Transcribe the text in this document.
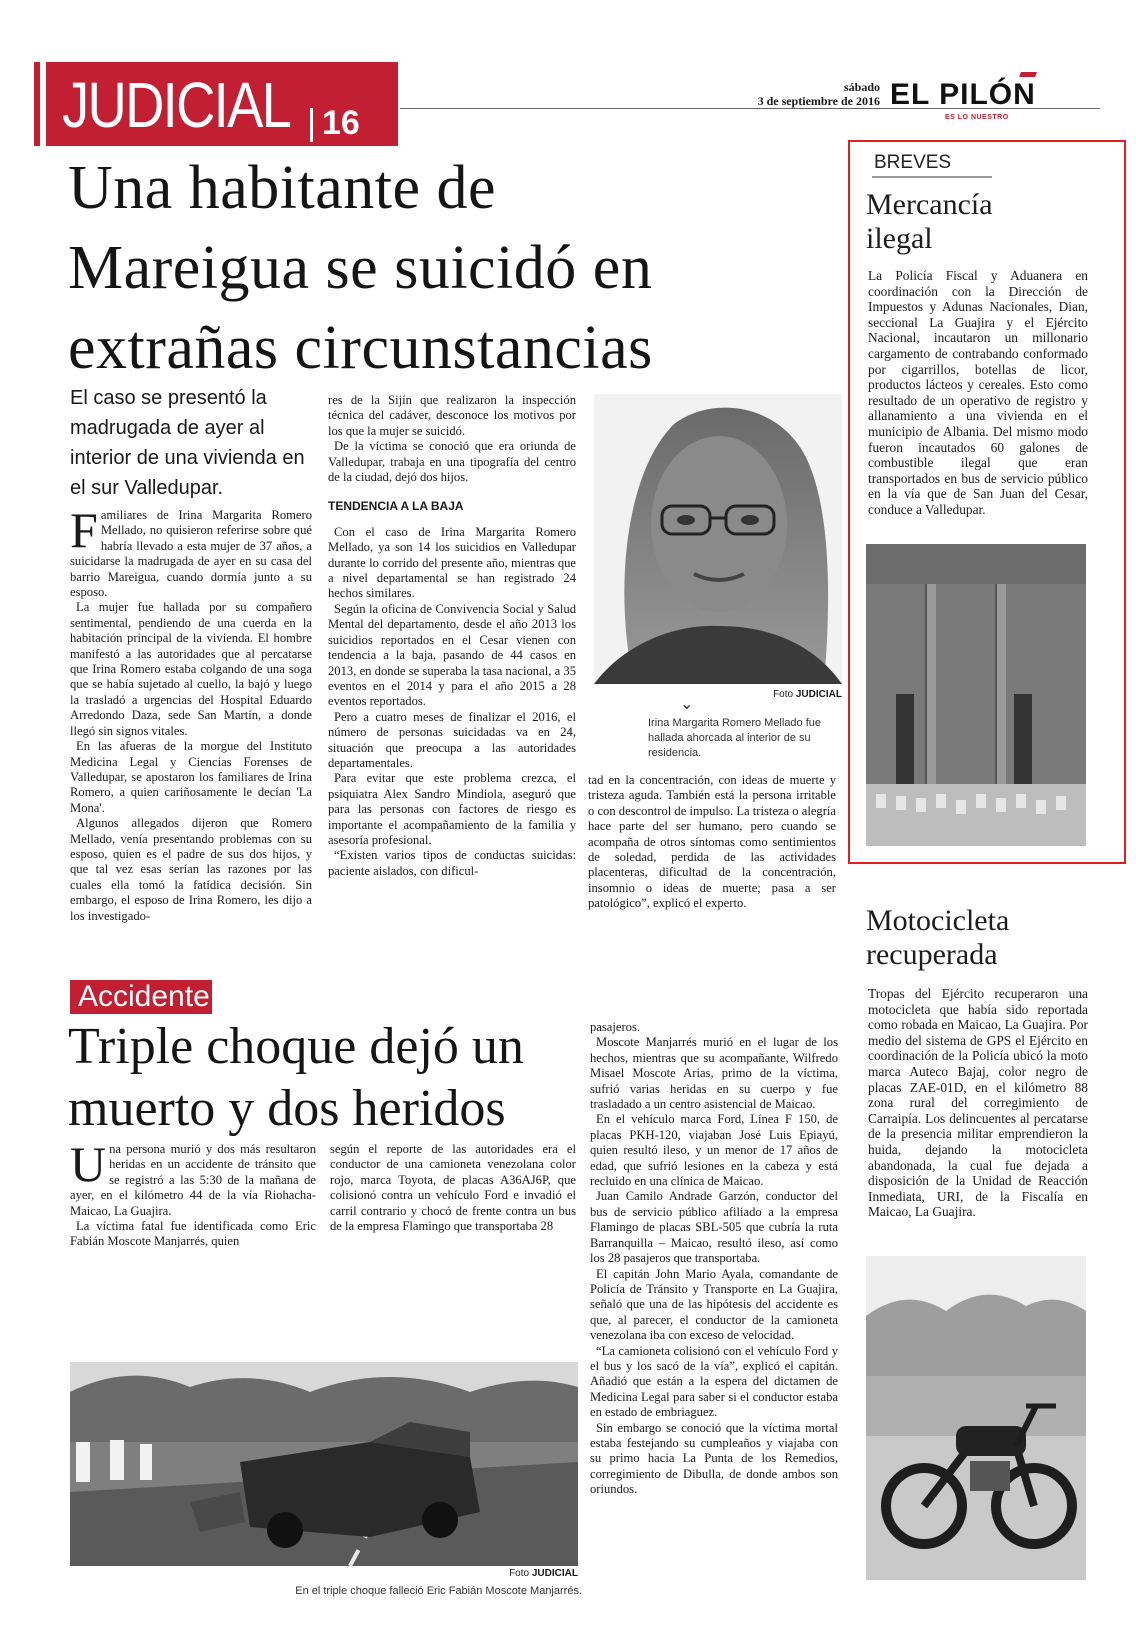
JUDICIAL 16
sábado
3 de septiembre de 2016 EL PILÓN
ES LO NUESTRO
Una habitante de
Mareigua se suicidó en
extrañas circunstancias
El caso se presentó la madrugada de ayer al interior de una vivienda en el sur Valledupar.

Familiares de Irina Margarita Romero Mellado, no quisieron referirse sobre qué habría llevado a esta mujer de 37 años, a suicidarse la madrugada de ayer en su casa del barrio Mareigua, cuando dormía junto a su esposo.

La mujer fue hallada por su compañero sentimental, pendiendo de una cuerda en la habitación principal de la vivienda. El hombre manifestó a las autoridades que al percatarse que Irina Romero estaba colgando de una soga que se había sujetado al cuello, la bajó y luego la trasladó a urgencias del Hospital Eduardo Arredondo Daza, sede San Martín, a donde llegó sin signos vitales.

En las afueras de la morgue del Instituto Medicina Legal y Ciencias Forenses de Valledupar, se apostaron los familiares de Irina Romero, a quien cariñosamente le decían 'La Mona'.

Algunos allegados dijeron que Romero Mellado, venía presentando problemas con su esposo, quien es el padre de sus dos hijos, y que tal vez esas serían las razones por las cuales ella tomó la fatídica decisión. Sin embargo, el esposo de Irina Romero, les dijo a los investigado-

res de la Sijín que realizaron la inspección técnica del cadáver, desconoce los motivos por los que la mujer se suicidó.

De la víctima se conoció que era oriunda de Valledupar, trabaja en una tipografía del centro de la ciudad, dejó dos hijos.

TENDENCIA A LA BAJA

Con el caso de Irina Margarita Romero Mellado, ya son 14 los suicidios en Valledupar durante lo corrido del presente año, mientras que a nivel departamental se han registrado 24 hechos similares.

Según la oficina de Convivencia Social y Salud Mental del departamento, desde el año 2013 los suicidios reportados en el Cesar vienen con tendencia a la baja, pasando de 44 casos en 2013, en donde se superaba la tasa nacional, a 35 eventos en el 2014 y para el año 2015 a 28 eventos reportados.

Pero a cuatro meses de finalizar el 2016, el número de personas suicidadas va en 24, situación que preocupa a las autoridades departamentales.

Para evitar que este problema crezca, el psiquiatra Alex Sandro Mindiola, aseguró que para las personas con factores de riesgo es importante el acompañamiento de la familia y asesoría profesional.

“Existen varios tipos de conductas suicidas: paciente aislados, con dificul-

Foto JUDICIAL
⌄
Irina Margarita Romero Mellado fue hallada ahorcada al interior de su residencia.

tad en la concentración, con ideas de muerte y tristeza aguda. También está la persona irritable o con descontrol de impulso. La tristeza o alegría hace parte del ser humano, pero cuando se acompaña de otros síntomas como sentimientos de soledad, perdida de las actividades placenteras, dificultad de la concentración, insomnio o ideas de muerte; pasa a ser patológico”, explicó el experto.

BREVES
Mercancía
ilegal
La Policía Fiscal y Aduanera en coordinación con la Dirección de Impuestos y Adunas Nacionales, Dian, seccional La Guajira y el Ejército Nacional, incautaron un millonario cargamento de contrabando conformado por cigarrillos, botellas de licor, productos lácteos y cereales. Esto como resultado de un operativo de registro y allanamiento a una vivienda en el municipio de Albania. Del mismo modo fueron incautados 60 galones de combustible ilegal que eran transportados en bus de servicio público en la vía que de San Juan del Cesar, conduce a Valledupar.
Motocicleta
recuperada
Tropas del Ejército recuperaron una motocicleta que había sido reportada como robada en Maicao, La Guajira. Por medio del sistema de GPS el Ejército en coordinación de la Policía ubicó la moto marca Auteco Bajaj, color negro de placas ZAE-01D, en el kilómetro 88 zona rural del corregimiento de Carraipía. Los delincuentes al percatarse de la presencia militar emprendieron la huida, dejando la motocicleta abandonada, la cual fue dejada a disposición de la Unidad de Reacción Inmediata, URI, de la Fiscalía en Maicao, La Guajira.
Accidente
Triple choque dejó un
muerto y dos heridos

Una persona murió y dos más resultaron heridas en un accidente de tránsito que se registró a las 5:30 de la mañana de ayer, en el kilómetro 44 de la vía Riohacha- Maicao, La Guajira.

La víctima fatal fue identificada como Eric Fabián Moscote Manjarrés, quien

según el reporte de las autoridades era el conductor de una camioneta venezolana color rojo, marca Toyota, de placas A36AJ6P, que colisionó contra un vehículo Ford e invadió el carril contrario y chocó de frente contra un bus de la empresa Flamingo que transportaba 28

Foto JUDICIAL
En el triple choque falleció Eric Fabián Moscote Manjarrés.

pasajeros.

Moscote Manjarrés murió en el lugar de los hechos, mientras que su acompañante, Wilfredo Misael Moscote Arias, primo de la víctima, sufrió varias heridas en su cuerpo y fue trasladado a un centro asistencial de Maicao.

En el vehículo marca Ford, Línea F 150, de placas PKH-120, viajaban José Luis Epiayú, quien resultó ileso, y un menor de 17 años de edad, que sufrió lesiones en la cabeza y está recluido en una clínica de Maicao.

Juan Camilo Andrade Garzón, conductor del bus de servicio público afiliado a la empresa Flamingo de placas SBL-505 que cubría la ruta Barranquilla – Maicao, resultó ileso, así como los 28 pasajeros que transportaba.

El capitán John Mario Ayala, comandante de Policía de Tránsito y Transporte en La Guajira, señaló que una de las hipótesis del accidente es que, al parecer, el conductor de la camioneta venezolana iba con exceso de velocidad.

“La camioneta colisionó con el vehículo Ford y el bus y los sacó de la vía”, explicó el capitán. Añadió que están a la espera del dictamen de Medicina Legal para saber si el conductor estaba en estado de embriaguez.

Sin embargo se conoció que la víctima mortal estaba festejando su cumpleaños y viajaba con su primo hacia La Punta de los Remedios, corregimiento de Dibulla, de donde ambos son oriundos.
